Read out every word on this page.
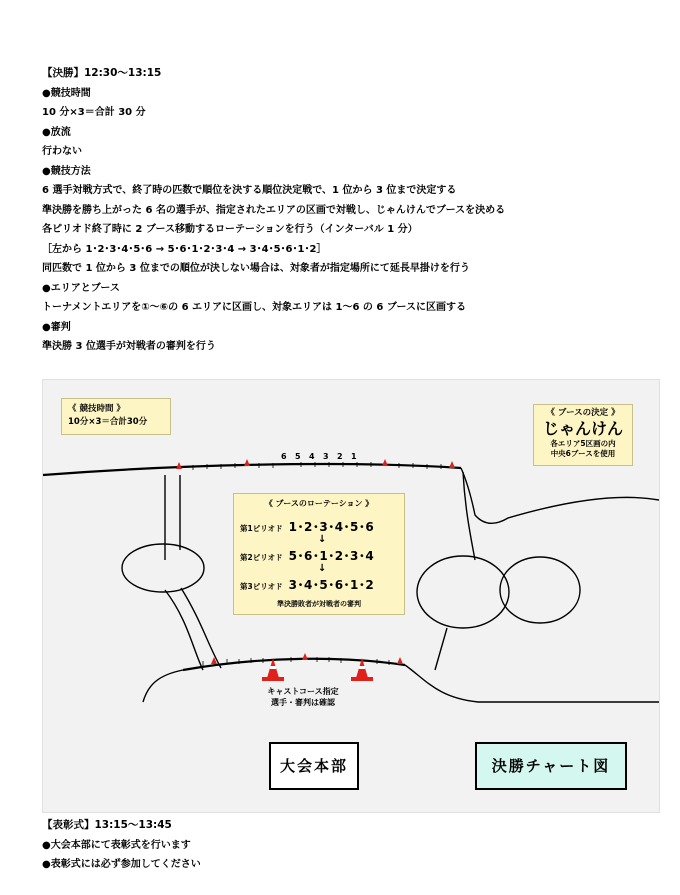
【決勝】12:30～13:15
●競技時間
10 分×3＝合計 30 分
●放流
行わない
●競技方法
6 選手対戦方式で、終了時の匹数で順位を決する順位決定戦で、1 位から 3 位まで決定する
準決勝を勝ち上がった 6 名の選手が、指定されたエリアの区画で対戦し、じゃんけんでブースを決める
各ピリオド終了時に 2 ブース移動するローテーションを行う（インターバル 1 分）
［左から 1･2･3･4･5･6 → 5･6･1･2･3･4 → 3･4･5･6･1･2］
同匹数で 1 位から 3 位までの順位が決しない場合は、対象者が指定場所にて延長早掛けを行う
●エリアとブース
トーナメントエリアを①～⑥の 6 エリアに区画し、対象エリアは 1～6 の 6 ブースに区画する
●審判
準決勝 3 位選手が対戦者の審判を行う
6 5 4 3 2 1
《 競技時間 》
10分×3＝合計30分
《 ブースの決定 》
じゃんけん
各エリア5区画の内
中央6ブースを使用
《 ブースのローテーション 》
第1ピリオド 1･2･3･4･5･6
↓
第2ピリオド 5･6･1･2･3･4
↓
第3ピリオド 3･4･5･6･1･2
準決勝敗者が対戦者の審判
キャストコース指定
選手・審判は確認
大会本部	決勝チャート図
【表彰式】13:15～13:45
●大会本部にて表彰式を行います
●表彰式には必ず参加してください
